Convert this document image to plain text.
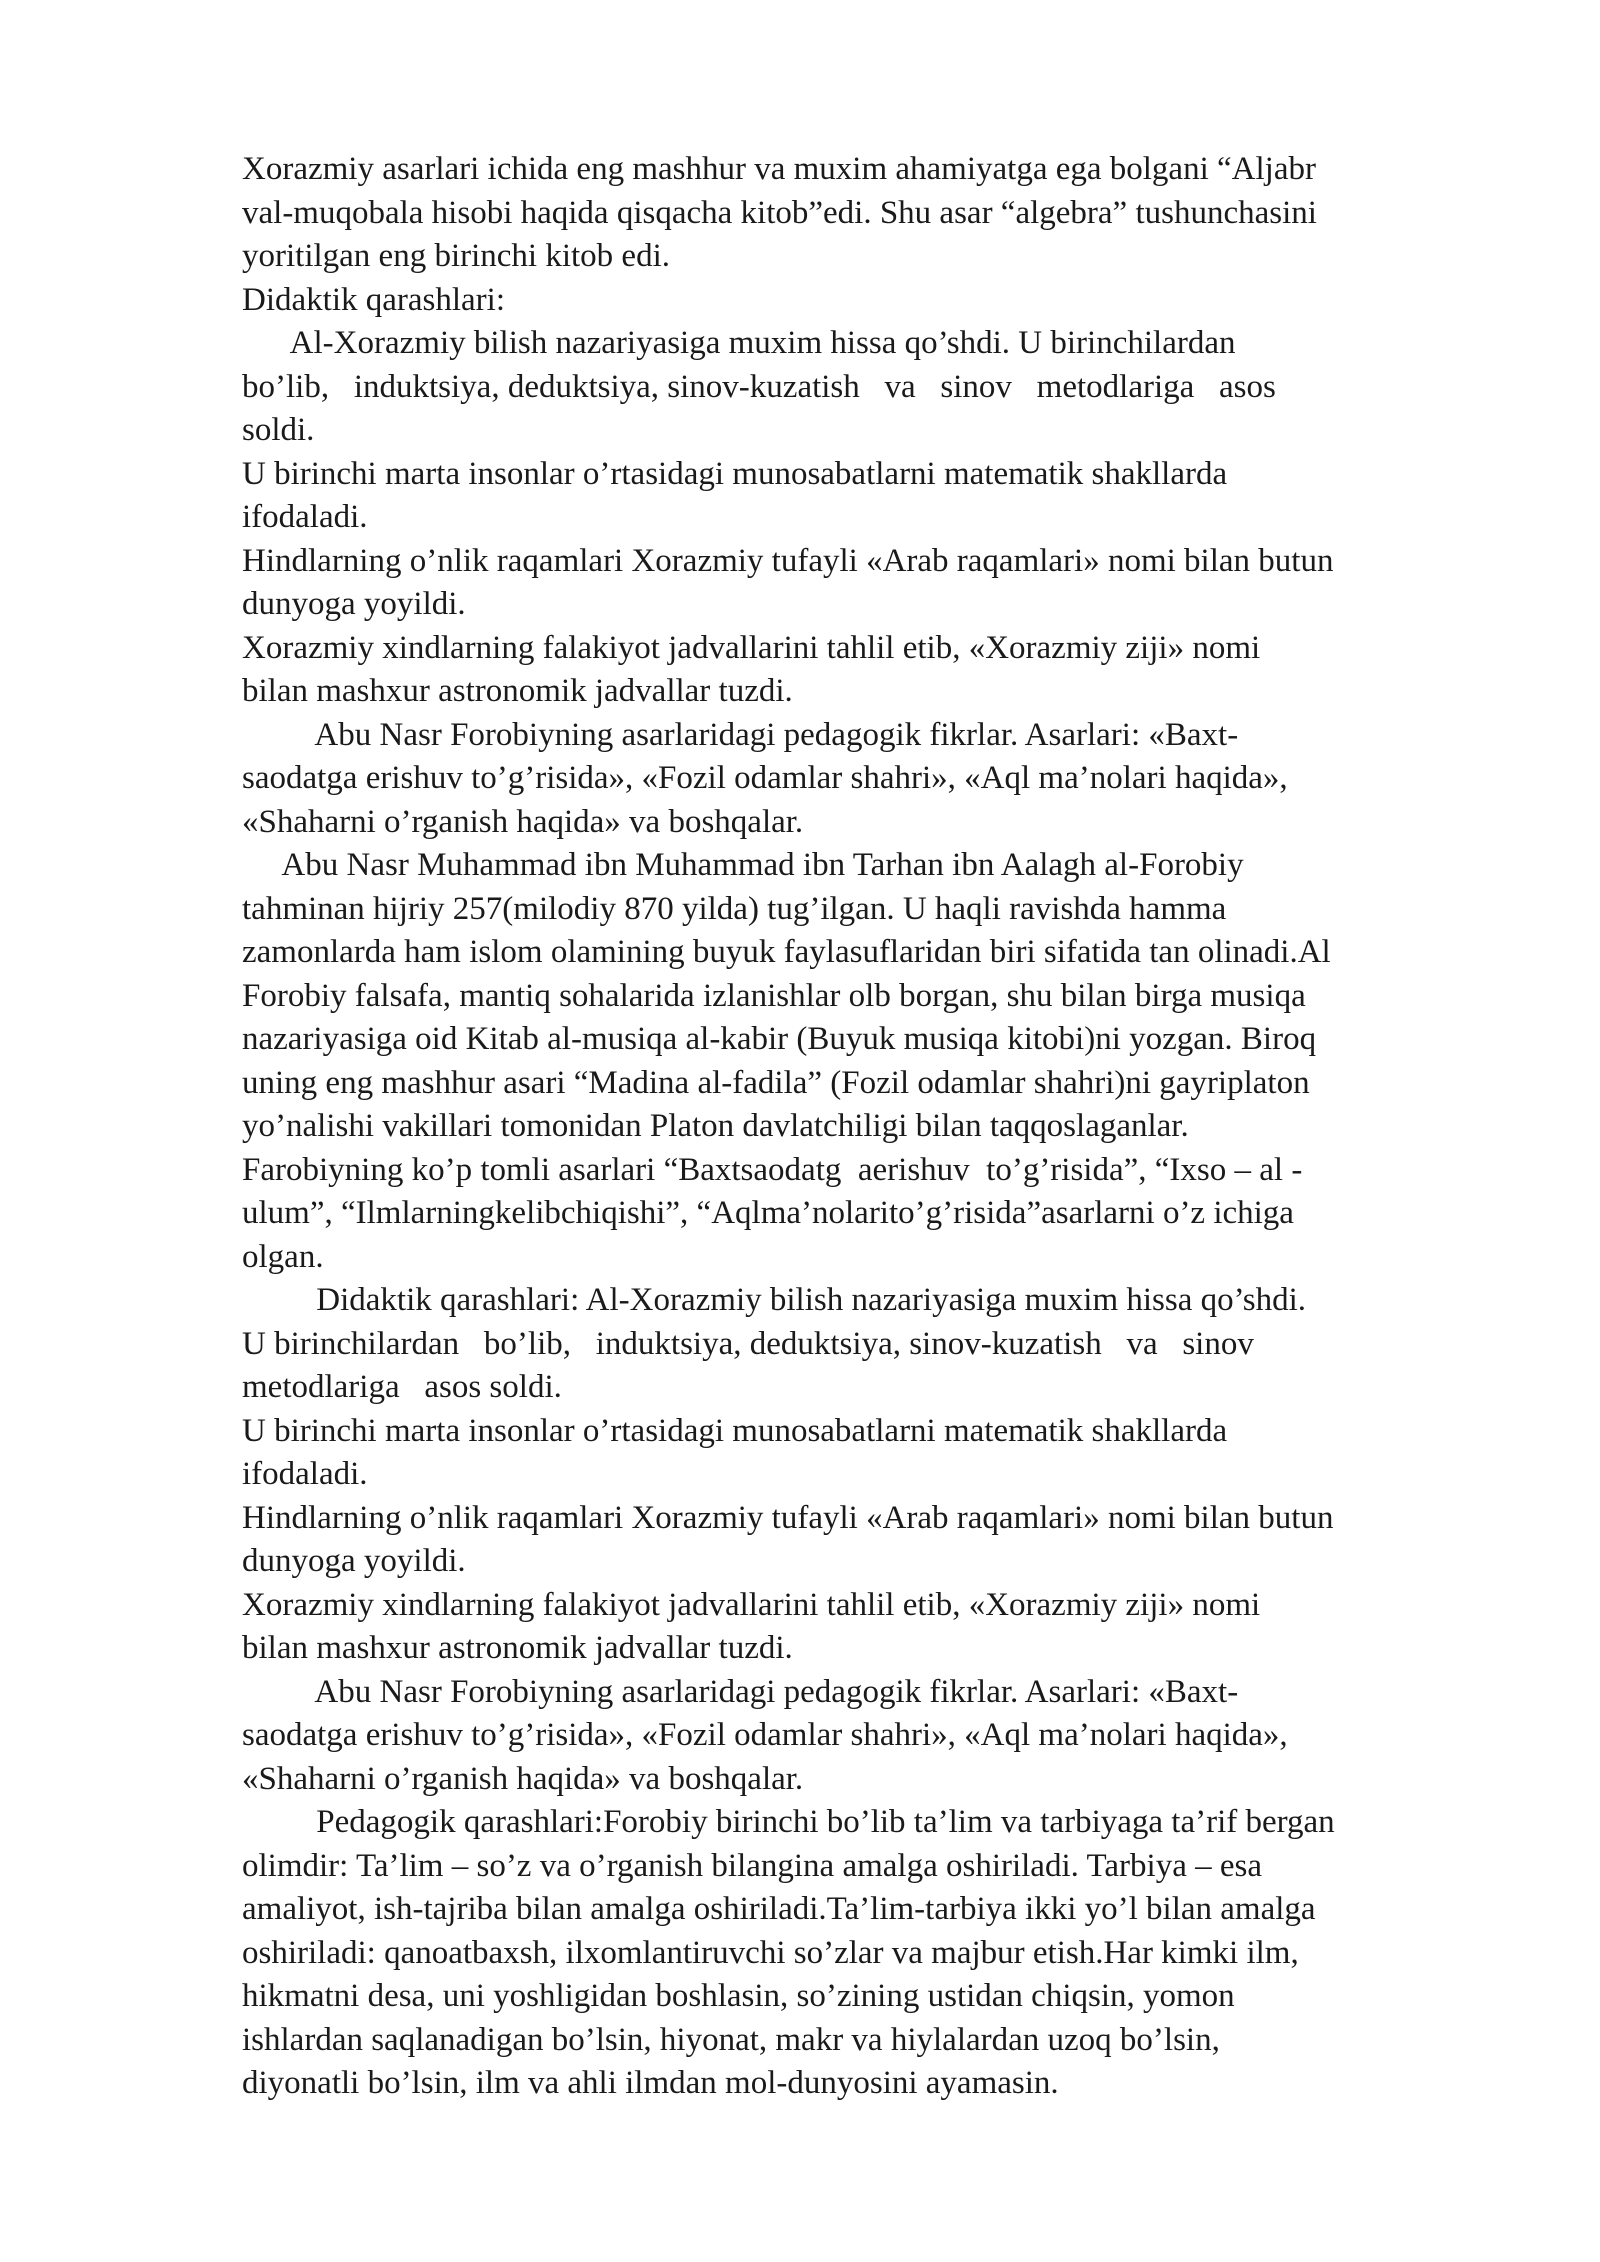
Xorazmiy asarlari ichida eng mashhur va muxim ahamiyatga ega bolgani “Aljabr
val-muqobala hisobi haqida qisqacha kitob”edi. Shu asar “algebra” tushunchasini
yoritilgan eng birinchi kitob edi.
Didaktik qarashlari:
Al-Xorazmiy bilish nazariyasiga muxim hissa qo’shdi. U birinchilardan
bo’lib,   induktsiya, deduktsiya, sinov-kuzatish   va   sinov   metodlariga   asos
soldi.
U birinchi marta insonlar o’rtasidagi munosabatlarni matematik shakllarda
ifodaladi.
Hindlarning o’nlik raqamlari Xorazmiy tufayli «Arab raqamlari» nomi bilan butun
dunyoga yoyildi.
Xorazmiy xindlarning falakiyot jadvallarini tahlil etib, «Xorazmiy ziji» nomi
bilan mashxur astronomik jadvallar tuzdi.
Abu Nasr Forobiyning asarlaridagi pedagogik fikrlar. Asarlari: «Baxt-
saodatga erishuv to’g’risida», «Fozil odamlar shahri», «Aql ma’nolari haqida»,
«Shaharni o’rganish haqida» va boshqalar.
Abu Nasr Muhammad ibn Muhammad ibn Tarhan ibn Aalagh al-Forobiy
tahminan hijriy 257(milodiy 870 yilda) tug’ilgan. U haqli ravishda hamma
zamonlarda ham islom olamining buyuk faylasuflaridan biri sifatida tan olinadi.Al
Forobiy falsafa, mantiq sohalarida izlanishlar olb borgan, shu bilan birga musiqa
nazariyasiga oid Kitab al-musiqa al-kabir (Buyuk musiqa kitobi)ni yozgan. Biroq
uning eng mashhur asari “Madina al-fadila” (Fozil odamlar shahri)ni gayriplaton
yo’nalishi vakillari tomonidan Platon davlatchiligi bilan taqqoslaganlar.
Farobiyning ko’p tomli asarlari “Baxtsaodatg  aerishuv  to’g’risida”, “Ixso – al -
ulum”, “Ilmlarningkelibchiqishi”, “Aqlma’nolarito’g’risida”asarlarni o’z ichiga
olgan.
Didaktik qarashlari: Al-Xorazmiy bilish nazariyasiga muxim hissa qo’shdi.
U birinchilardan   bo’lib,   induktsiya, deduktsiya, sinov-kuzatish   va   sinov
metodlariga   asos soldi.
U birinchi marta insonlar o’rtasidagi munosabatlarni matematik shakllarda
ifodaladi.
Hindlarning o’nlik raqamlari Xorazmiy tufayli «Arab raqamlari» nomi bilan butun
dunyoga yoyildi.
Xorazmiy xindlarning falakiyot jadvallarini tahlil etib, «Xorazmiy ziji» nomi
bilan mashxur astronomik jadvallar tuzdi.
Abu Nasr Forobiyning asarlaridagi pedagogik fikrlar. Asarlari: «Baxt-
saodatga erishuv to’g’risida», «Fozil odamlar shahri», «Aql ma’nolari haqida»,
«Shaharni o’rganish haqida» va boshqalar.
Pedagogik qarashlari:Forobiy birinchi bo’lib ta’lim va tarbiyaga ta’rif bergan
olimdir: Ta’lim – so’z va o’rganish bilangina amalga oshiriladi. Tarbiya – esa
amaliyot, ish-tajriba bilan amalga oshiriladi.Ta’lim-tarbiya ikki yo’l bilan amalga
oshiriladi: qanoatbaxsh, ilxomlantiruvchi so’zlar va majbur etish.Har kimki ilm,
hikmatni desa, uni yoshligidan boshlasin, so’zining ustidan chiqsin, yomon
ishlardan saqlanadigan bo’lsin, hiyonat, makr va hiylalardan uzoq bo’lsin,
diyonatli bo’lsin, ilm va ahli ilmdan mol-dunyosini ayamasin.
